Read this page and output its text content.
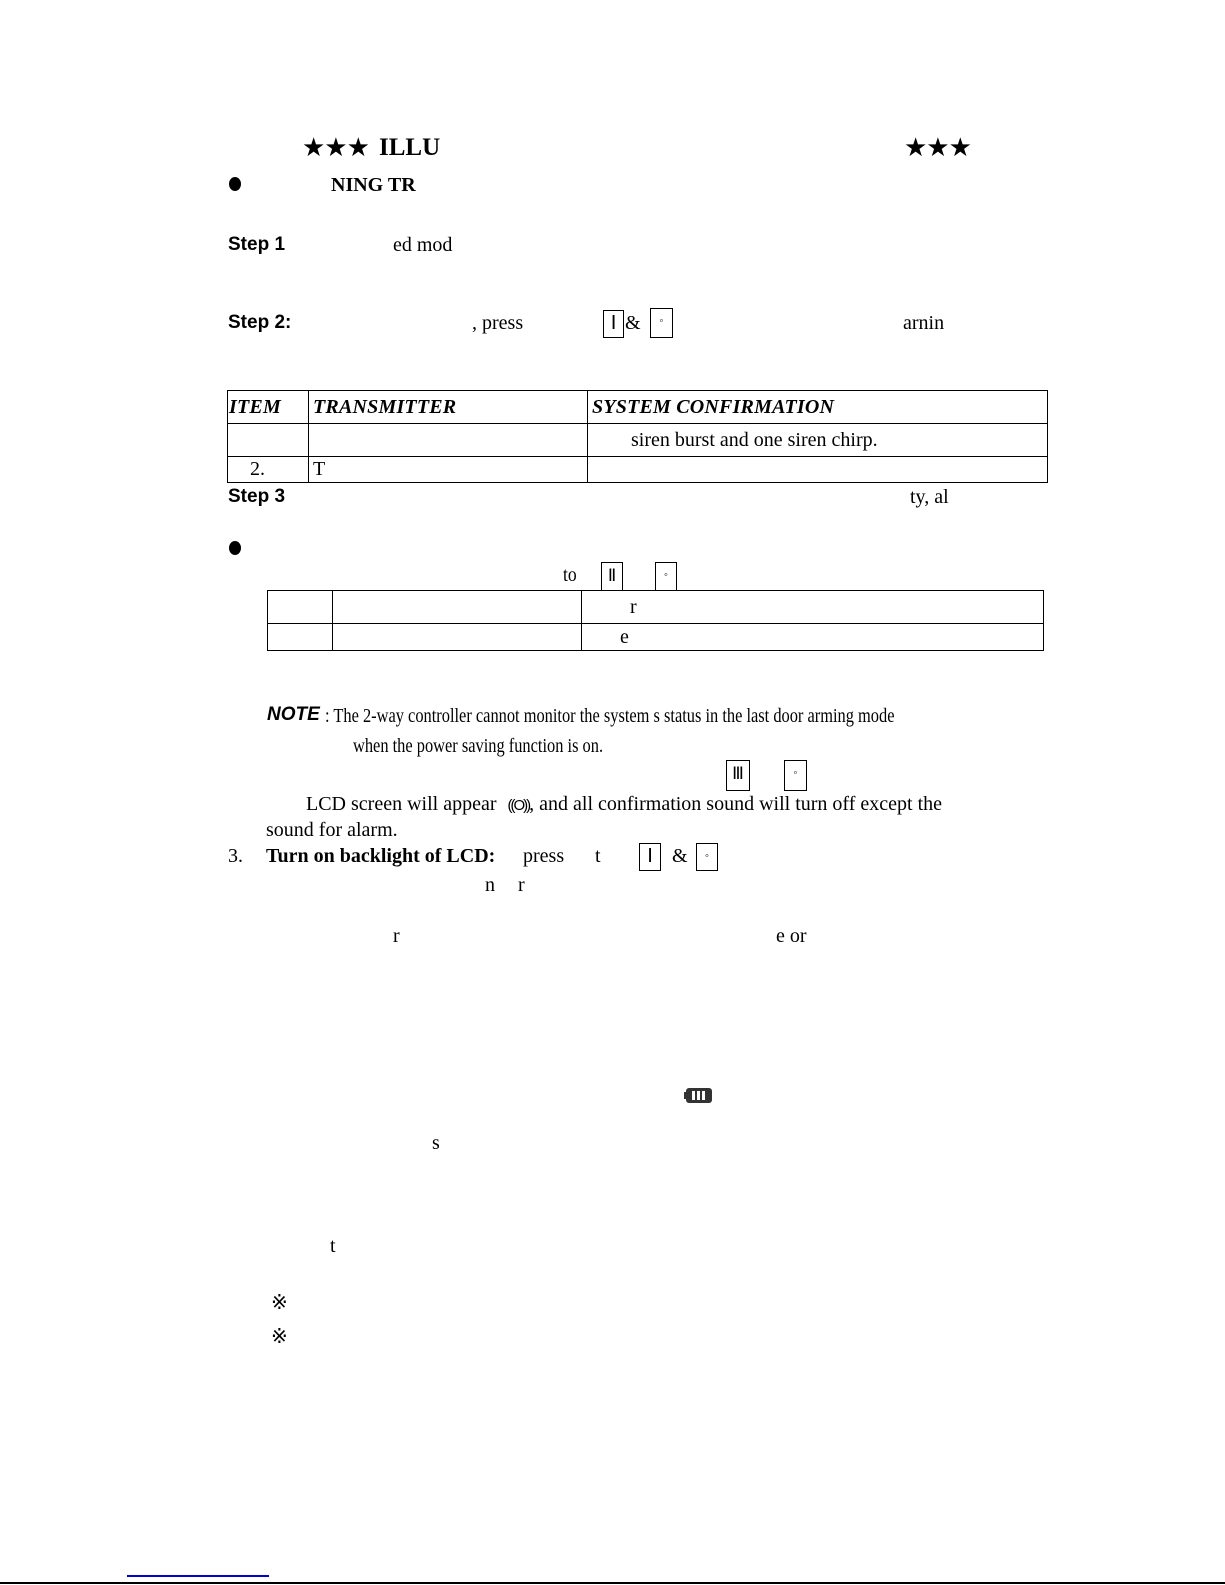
★★★ ILLU	★★★
NING TR
Step 1	ed mod
Step 2:	, press	Ⅰ &	◦	arnin
ITEM	TRANSMITTER	SYSTEM CONFIRMATION
		siren burst and one siren chirp.
2.	T	
Step 3	ty, al
to	Ⅱ	◦
		r
		e
NOTE : The 2-way controller cannot monitor the system s status in the last door arming mode
when the power saving function is on.
Ⅲ	◦
LCD screen will appear ((O)), and all confirmation sound will turn off except the
sound for alarm.
3. Turn on backlight of LCD: press t	Ⅰ &	◦
n r
r	e or
s
t
※
※
